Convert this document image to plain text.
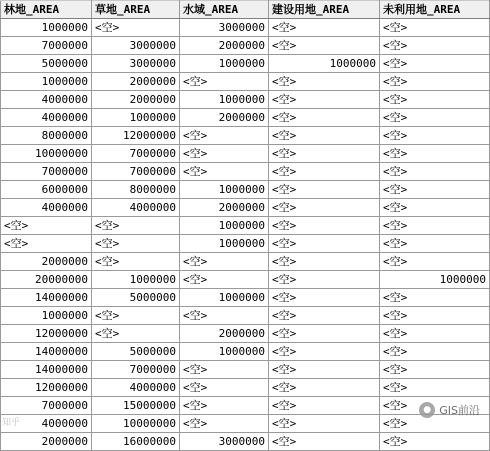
林地_AREA	草地_AREA	水域_AREA	建设用地_AREA	未利用地_AREA
1000000	<空>	3000000	<空>	<空>
7000000	3000000	2000000	<空>	<空>
5000000	3000000	1000000	1000000	<空>
1000000	2000000	<空>	<空>	<空>
4000000	2000000	1000000	<空>	<空>
4000000	1000000	2000000	<空>	<空>
8000000	12000000	<空>	<空>	<空>
10000000	7000000	<空>	<空>	<空>
7000000	7000000	<空>	<空>	<空>
6000000	8000000	1000000	<空>	<空>
4000000	4000000	2000000	<空>	<空>
<空>	<空>	1000000	<空>	<空>
<空>	<空>	1000000	<空>	<空>
2000000	<空>	<空>	<空>	<空>
20000000	1000000	<空>	<空>	1000000
14000000	5000000	1000000	<空>	<空>
1000000	<空>	<空>	<空>	<空>
12000000	<空>	2000000	<空>	<空>
14000000	5000000	1000000	<空>	<空>
14000000	7000000	<空>	<空>	<空>
12000000	4000000	<空>	<空>	<空>
7000000	15000000	<空>	<空>	<空>
4000000	10000000	<空>	<空>	<空>
2000000	16000000	3000000	<空>	<空>
知乎
● GIS前沿
